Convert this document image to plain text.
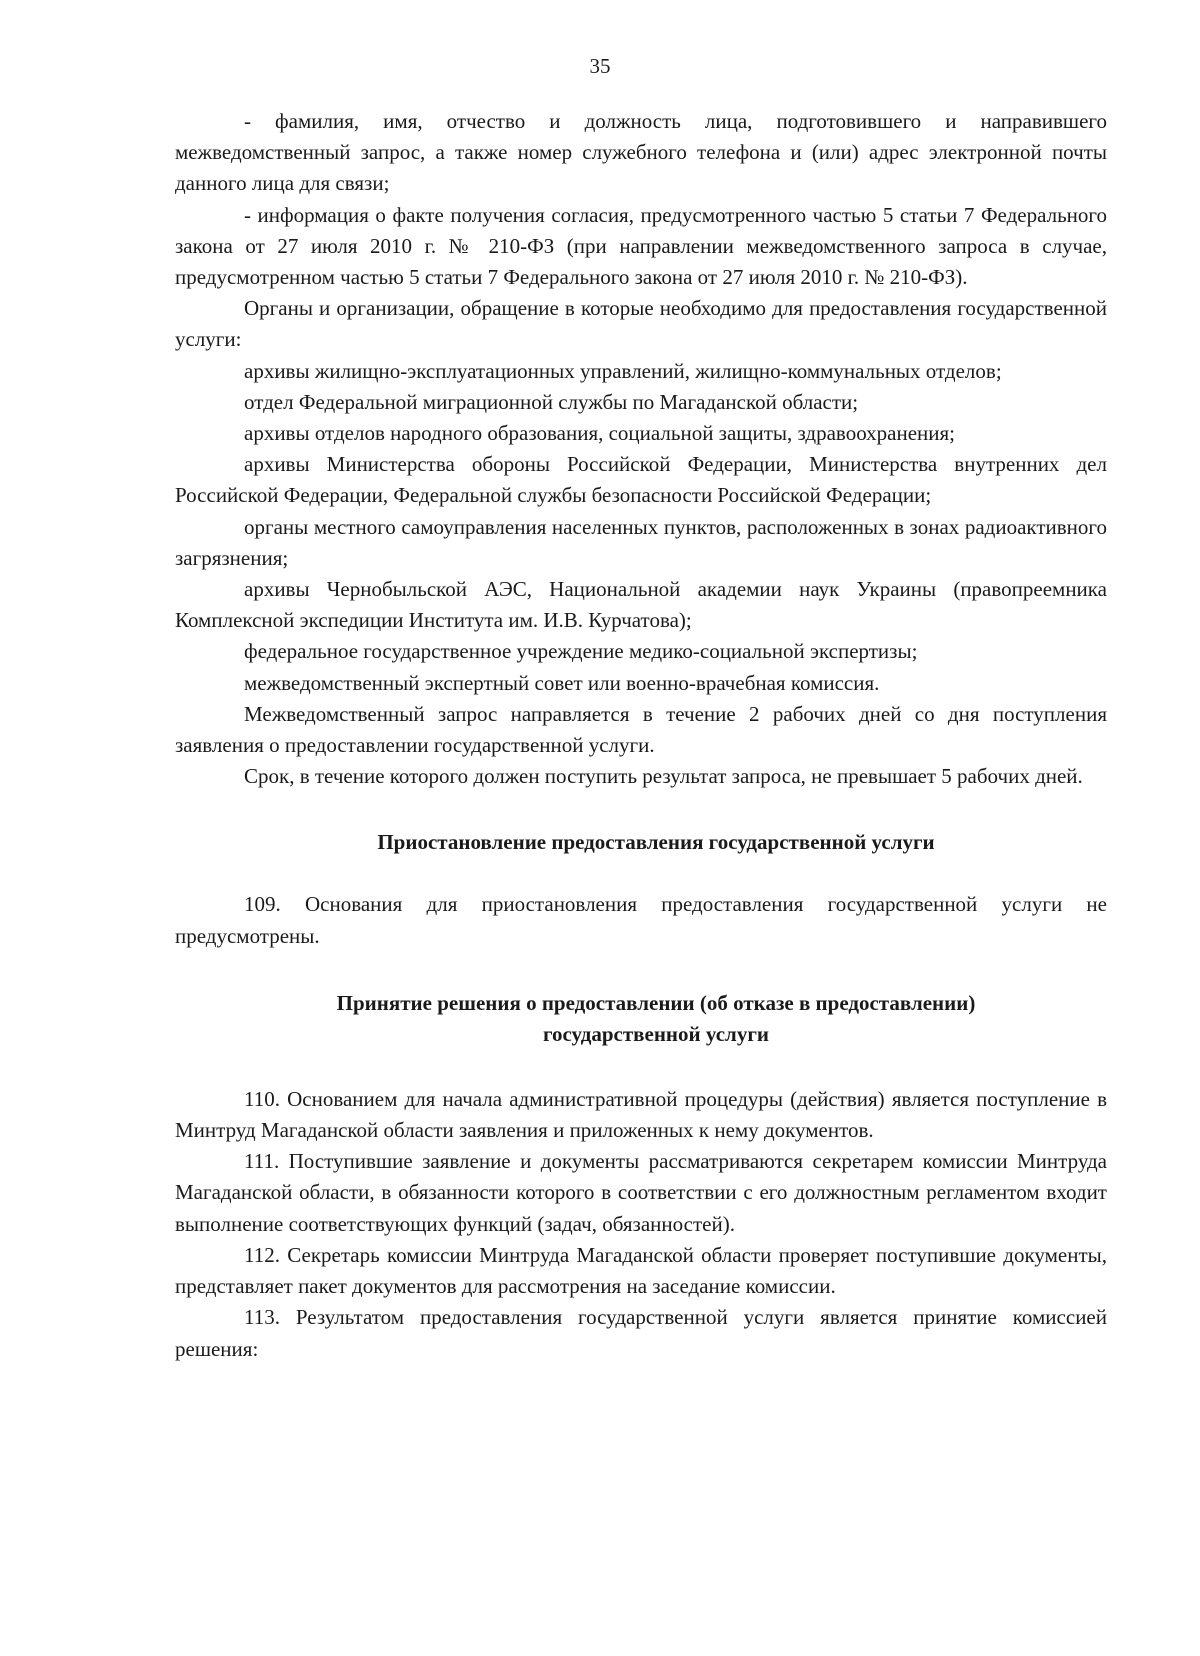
35

- фамилия, имя, отчество и должность лица, подготовившего и направившего межведомственный запрос, а также номер служебного телефона и (или) адрес электронной почты данного лица для связи;

- информация о факте получения согласия, предусмотренного частью 5 статьи 7 Федерального закона от 27 июля 2010 г. № 210-ФЗ (при направлении межведомственного запроса в случае, предусмотренном частью 5 статьи 7 Федерального закона от 27 июля 2010 г. № 210-ФЗ).

Органы и организации, обращение в которые необходимо для предоставления государственной услуги:

архивы жилищно-эксплуатационных управлений, жилищно-коммунальных отделов;

отдел Федеральной миграционной службы по Магаданской области;

архивы отделов народного образования, социальной защиты, здравоохранения;

архивы Министерства обороны Российской Федерации, Министерства внутренних дел Российской Федерации, Федеральной службы безопасности Российской Федерации;

органы местного самоуправления населенных пунктов, расположенных в зонах радиоактивного загрязнения;

архивы Чернобыльской АЭС, Национальной академии наук Украины (правопреемника Комплексной экспедиции Института им. И.В. Курчатова);

федеральное государственное учреждение медико-социальной экспертизы;

межведомственный экспертный совет или военно-врачебная комиссия.

Межведомственный запрос направляется в течение 2 рабочих дней со дня поступления заявления о предоставлении государственной услуги.

Срок, в течение которого должен поступить результат запроса, не превышает 5 рабочих дней.

Приостановление предоставления государственной услуги

109. Основания для приостановления предоставления государственной услуги не предусмотрены.

Принятие решения о предоставлении (об отказе в предоставлении)
государственной услуги

110. Основанием для начала административной процедуры (действия) является поступление в Минтруд Магаданской области заявления и приложенных к нему документов.

111. Поступившие заявление и документы рассматриваются секретарем комиссии Минтруда Магаданской области, в обязанности которого в соответствии с его должностным регламентом входит выполнение соответствующих функций (задач, обязанностей).

112. Секретарь комиссии Минтруда Магаданской области проверяет поступившие документы, представляет пакет документов для рассмотрения на заседание комиссии.

113. Результатом предоставления государственной услуги является принятие комиссией решения:
